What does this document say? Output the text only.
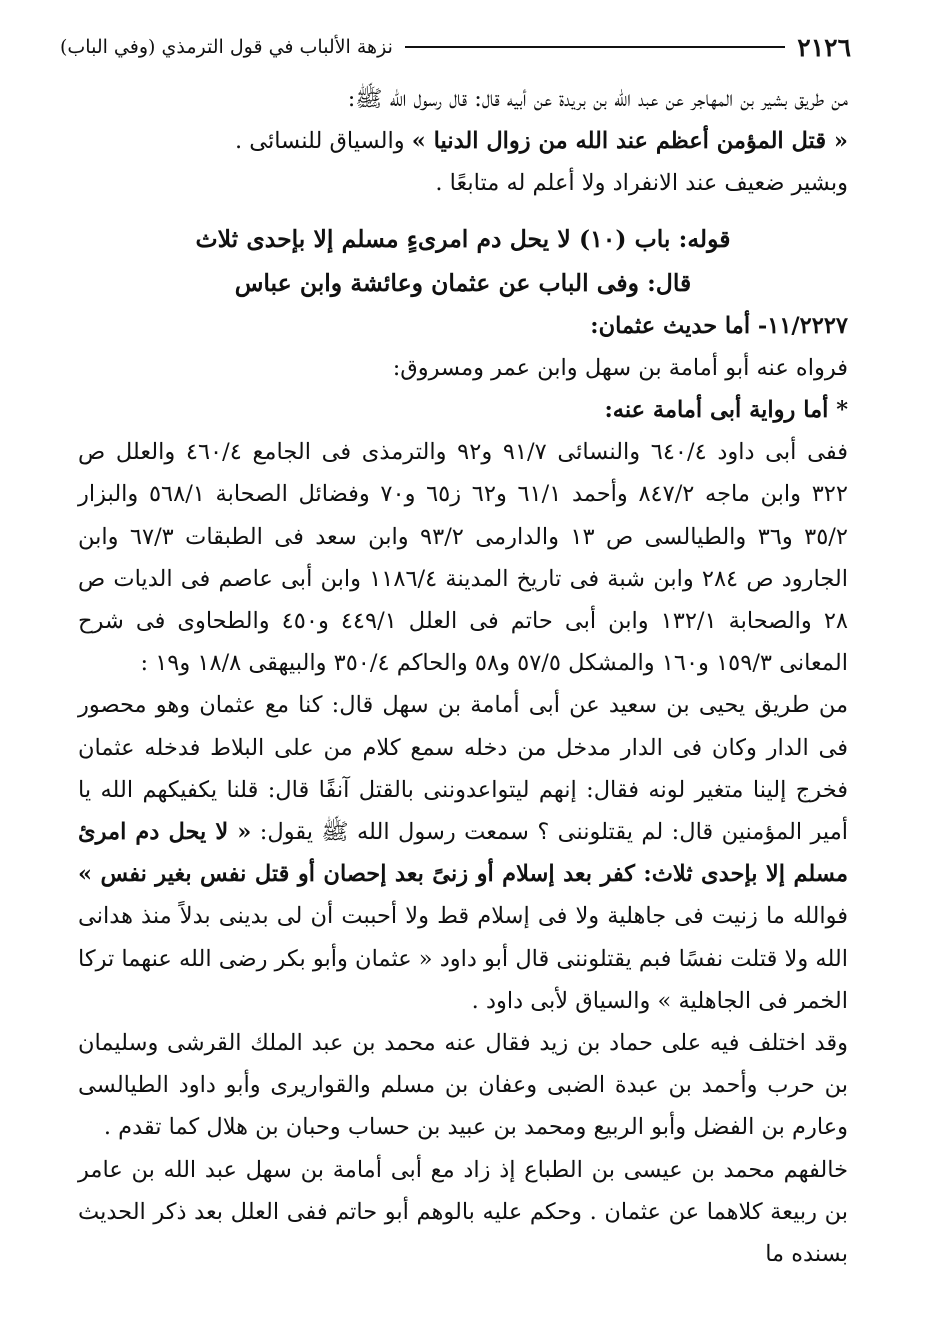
٢١٢٦
نزهة الألباب في قول الترمذي (وفي الباب)

من طريق بشير بن المهاجر عن عبد الله بن بريدة عن أبيه قال: قال رسول الله ﷺ:
« قتل المؤمن أعظم عند الله من زوال الدنيا » والسياق للنسائى .
وبشير ضعيف عند الانفراد ولا أعلم له متابعًا .

قوله: باب (١٠) لا يحل دم امرىءٍ مسلم إلا بإحدى ثلاث

قال: وفى الباب عن عثمان وعائشة وابن عباس

١١/٢٢٢٧- أما حديث عثمان:

فرواه عنه أبو أمامة بن سهل وابن عمر ومسروق:

* أما رواية أبى أمامة عنه:

ففى أبى داود ٦٤٠/٤ والنسائى ٩١/٧ و٩٢ والترمذى فى الجامع ٤٦٠/٤ والعلل ص ٣٢٢ وابن ماجه ٨٤٧/٢ وأحمد ٦١/١ و٦٢ ز٦٥ و٧٠ وفضائل الصحابة ٥٦٨/١ والبزار ٣٥/٢ و٣٦ والطيالسى ص ١٣ والدارمى ٩٣/٢ وابن سعد فى الطبقات ٦٧/٣ وابن الجارود ص ٢٨٤ وابن شبة فى تاريخ المدينة ١١٨٦/٤ وابن أبى عاصم فى الديات ص ٢٨ والصحابة ١٣٢/١ وابن أبى حاتم فى العلل ٤٤٩/١ و٤٥٠ والطحاوى فى شرح المعانى ١٥٩/٣ و١٦٠ والمشكل ٥٧/٥ و٥٨ والحاكم ٣٥٠/٤ والبيهقى ١٨/٨ و١٩ :

من طريق يحيى بن سعيد عن أبى أمامة بن سهل قال: كنا مع عثمان وهو محصور فى الدار وكان فى الدار مدخل من دخله سمع كلام من على البلاط فدخله عثمان فخرج إلينا متغير لونه فقال: إنهم ليتواعدوننى بالقتل آنفًا قال: قلنا يكفيكهم الله يا أمير المؤمنين قال: لم يقتلوننى ؟ سمعت رسول الله ﷺ يقول: « لا يحل دم امرئ مسلم إلا بإحدى ثلاث: كفر بعد إسلام أو زنىً بعد إحصان أو قتل نفس بغير نفس » فوالله ما زنيت فى جاهلية ولا فى إسلام قط ولا أحببت أن لى بدينى بدلاً منذ هدانى الله ولا قتلت نفسًا فبم يقتلوننى قال أبو داود « عثمان وأبو بكر رضى الله عنهما تركا الخمر فى الجاهلية » والسياق لأبى داود .

وقد اختلف فيه على حماد بن زيد فقال عنه محمد بن عبد الملك القرشى وسليمان بن حرب وأحمد بن عبدة الضبى وعفان بن مسلم والقواريرى وأبو داود الطيالسى وعارم بن الفضل وأبو الربيع ومحمد بن عبيد بن حساب وحبان بن هلال كما تقدم .

خالفهم محمد بن عيسى بن الطباع إذ زاد مع أبى أمامة بن سهل عبد الله بن عامر بن ربيعة كلاهما عن عثمان . وحكم عليه بالوهم أبو حاتم ففى العلل بعد ذكر الحديث بسنده ما
